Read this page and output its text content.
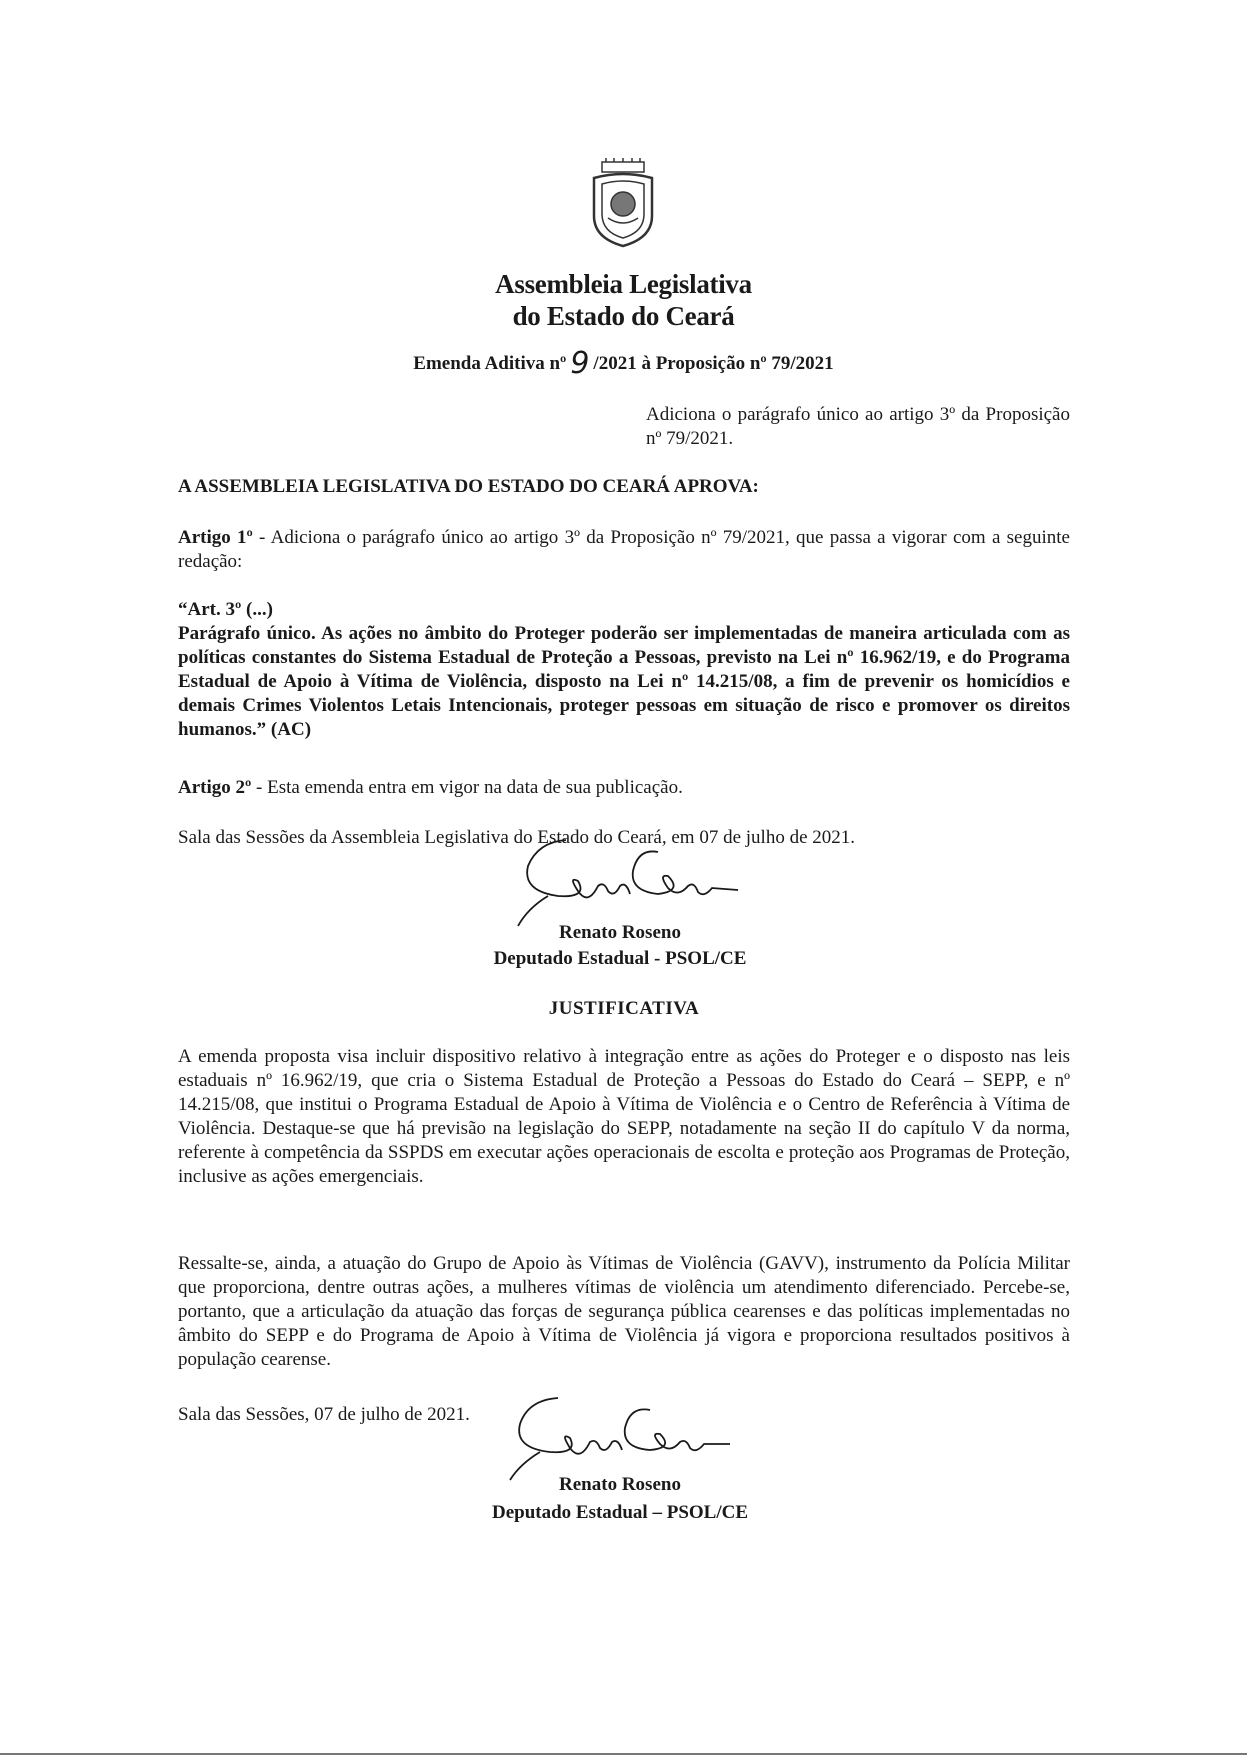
Assembleia Legislativa
do Estado do Ceará
Emenda Aditiva nº 9 /2021 à Proposição nº 79/2021
Adiciona o parágrafo único ao artigo 3º da Proposição nº 79/2021.
A ASSEMBLEIA LEGISLATIVA DO ESTADO DO CEARÁ APROVA:
Artigo 1º - Adiciona o parágrafo único ao artigo 3º da Proposição nº 79/2021, que passa a vigorar com a seguinte redação:
“Art. 3º (...)
Parágrafo único. As ações no âmbito do Proteger poderão ser implementadas de maneira articulada com as políticas constantes do Sistema Estadual de Proteção a Pessoas, previsto na Lei nº 16.962/19, e do Programa Estadual de Apoio à Vítima de Violência, disposto na Lei nº 14.215/08, a fim de prevenir os homicídios e demais Crimes Violentos Letais Intencionais, proteger pessoas em situação de risco e promover os direitos humanos.” (AC)
Artigo 2º - Esta emenda entra em vigor na data de sua publicação.
Sala das Sessões da Assembleia Legislativa do Estado do Ceará, em 07 de julho de 2021.
Renato Roseno
Deputado Estadual - PSOL/CE
JUSTIFICATIVA
A emenda proposta visa incluir dispositivo relativo à integração entre as ações do Proteger e o disposto nas leis estaduais nº 16.962/19, que cria o Sistema Estadual de Proteção a Pessoas do Estado do Ceará – SEPP, e nº 14.215/08, que institui o Programa Estadual de Apoio à Vítima de Violência e o Centro de Referência à Vítima de Violência. Destaque-se que há previsão na legislação do SEPP, notadamente na seção II do capítulo V da norma, referente à competência da SSPDS em executar ações operacionais de escolta e proteção aos Programas de Proteção, inclusive as ações emergenciais.
Ressalte-se, ainda, a atuação do Grupo de Apoio às Vítimas de Violência (GAVV), instrumento da Polícia Militar que proporciona, dentre outras ações, a mulheres vítimas de violência um atendimento diferenciado. Percebe-se, portanto, que a articulação da atuação das forças de segurança pública cearenses e das políticas implementadas no âmbito do SEPP e do Programa de Apoio à Vítima de Violência já vigora e proporciona resultados positivos à população cearense.
Sala das Sessões, 07 de julho de 2021.
Renato Roseno
Deputado Estadual – PSOL/CE
